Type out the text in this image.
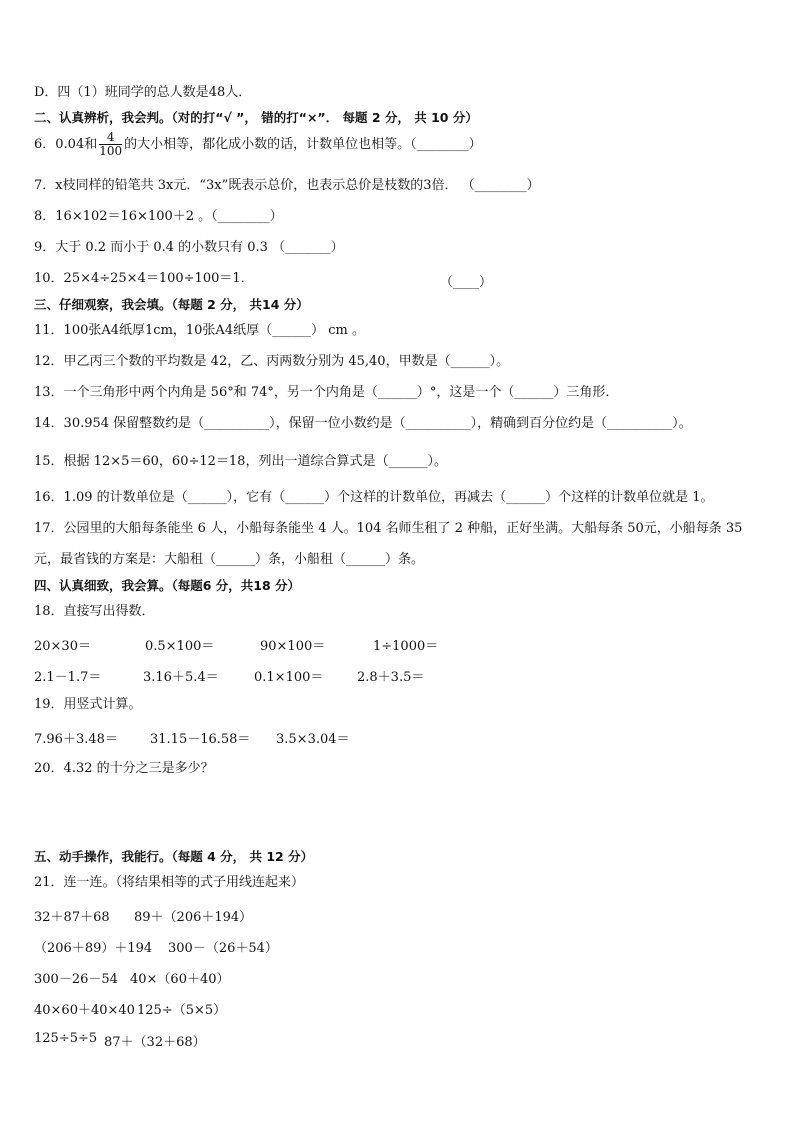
D．四（1）班同学的总人数是48人．
二、认真辨析，我会判。（对的打“√ ”， 错的打“×”． 每题 2 分， 共 10 分）
6．0.04和 $\frac{4}{100}$ 的大小相等，都化成小数的话，计数单位也相等。（________）
7．x枝同样的铅笔共 3x元．“3x”既表示总价，也表示总价是枝数的3倍． （________）
8．16×102＝16×100＋2 。（________）
9．大于 0.2 而小于 0.4 的小数只有 0.3 （_______）
10．25×4÷25×4＝100÷100＝1．	（____）
三、仔细观察，我会填。（每题 2 分， 共14 分）
11．100张A4纸厚1cm，10张A4纸厚（______） cm 。
12．甲乙丙三个数的平均数是 42，乙、丙两数分别为 45,40，甲数是（______）。
13．一个三角形中两个内角是 56°和 74°，另一个内角是（______）°，这是一个（______）三角形．
14．30.954 保留整数约是（__________），保留一位小数约是（__________），精确到百分位约是（__________）。
15．根据 12×5＝60，60÷12＝18，列出一道综合算式是（______）。
16．1.09 的计数单位是（______），它有（______）个这样的计数单位，再减去（______）个这样的计数单位就是 1。
17．公园里的大船每条能坐 6 人，小船每条能坐 4 人。104 名师生租了 2 种船，正好坐满。大船每条 50元，小船每条 35
元，最省钱的方案是：大船租（______）条，小船租（______）条。
四、认真细致，我会算。（每题6 分，共18 分）
18．直接写出得数．
20×30＝	0.5×100＝	90×100＝	1÷1000＝
2.1－1.7＝	3.16＋5.4＝	0.1×100＝	2.8＋3.5＝
19．用竖式计算。
7.96＋3.48＝ 31.15－16.58＝ 3.5×3.04＝
20．4.32 的十分之三是多少？
五、动手操作，我能行。（每题 4 分， 共 12 分）
21．连一连。（将结果相等的式子用线连起来）
32＋87＋68 89＋（206＋194）
（206＋89）＋194 300－（26＋54）
300－26－54 40×（60＋40）
40×60＋40×40 125÷（5×5）
125÷5÷5 87＋（32＋68）
